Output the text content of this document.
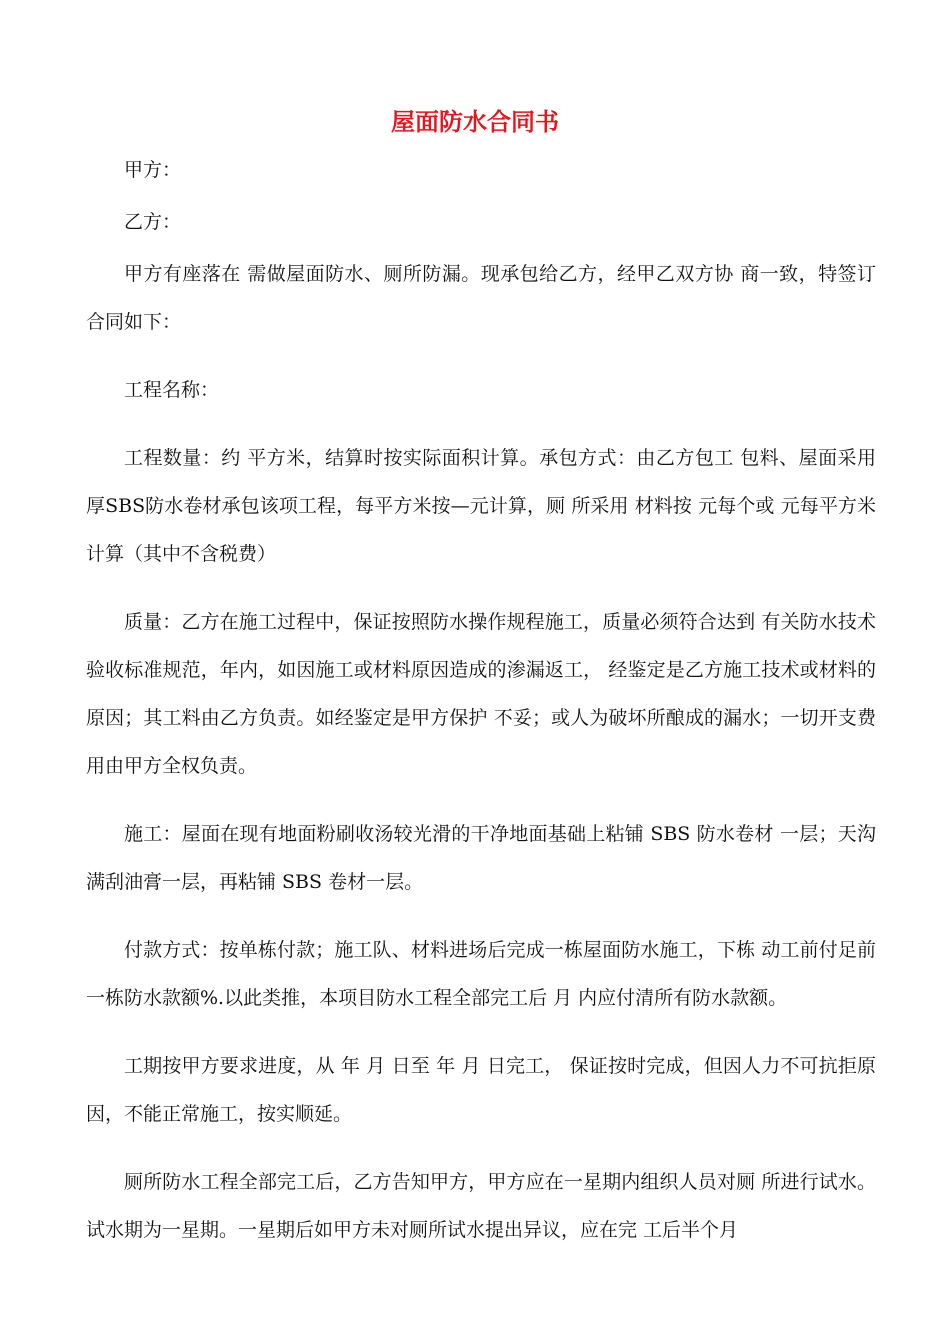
屋面防水合同书

甲方：

乙方：

甲方有座落在 需做屋面防水、厕所防漏。现承包给乙方，经甲乙双方协 商一致，特签订合同如下：

工程名称：

工程数量：约 平方米，结算时按实际面积计算。承包方式：由乙方包工 包料、屋面采用 厚SBS防水卷材承包该项工程，每平方米按—元计算，厕 所采用 材料按 元每个或 元每平方米计算（其中不含税费）

质量：乙方在施工过程中，保证按照防水操作规程施工，质量必须符合达到 有关防水技术验收标准规范，年内，如因施工或材料原因造成的渗漏返工， 经鉴定是乙方施工技术或材料的原因；其工料由乙方负责。如经鉴定是甲方保护 不妥；或人为破坏所酿成的漏水；一切开支费用由甲方全权负责。

施工：屋面在现有地面粉刷收汤较光滑的干净地面基础上粘铺 SBS 防水卷材 一层；天沟满刮油膏一层，再粘铺 SBS 卷材一层。

付款方式：按单栋付款；施工队、材料进场后完成一栋屋面防水施工，下栋 动工前付足前一栋防水款额%.以此类推，本项目防水工程全部完工后 月 内应付清所有防水款额。

工期按甲方要求进度，从 年 月 日至 年 月 日完工， 保证按时完成，但因人力不可抗拒原因，不能正常施工，按实顺延。

厕所防水工程全部完工后，乙方告知甲方，甲方应在一星期内组织人员对厕 所进行试水。试水期为一星期。一星期后如甲方未对厕所试水提出异议，应在完 工后半个月
